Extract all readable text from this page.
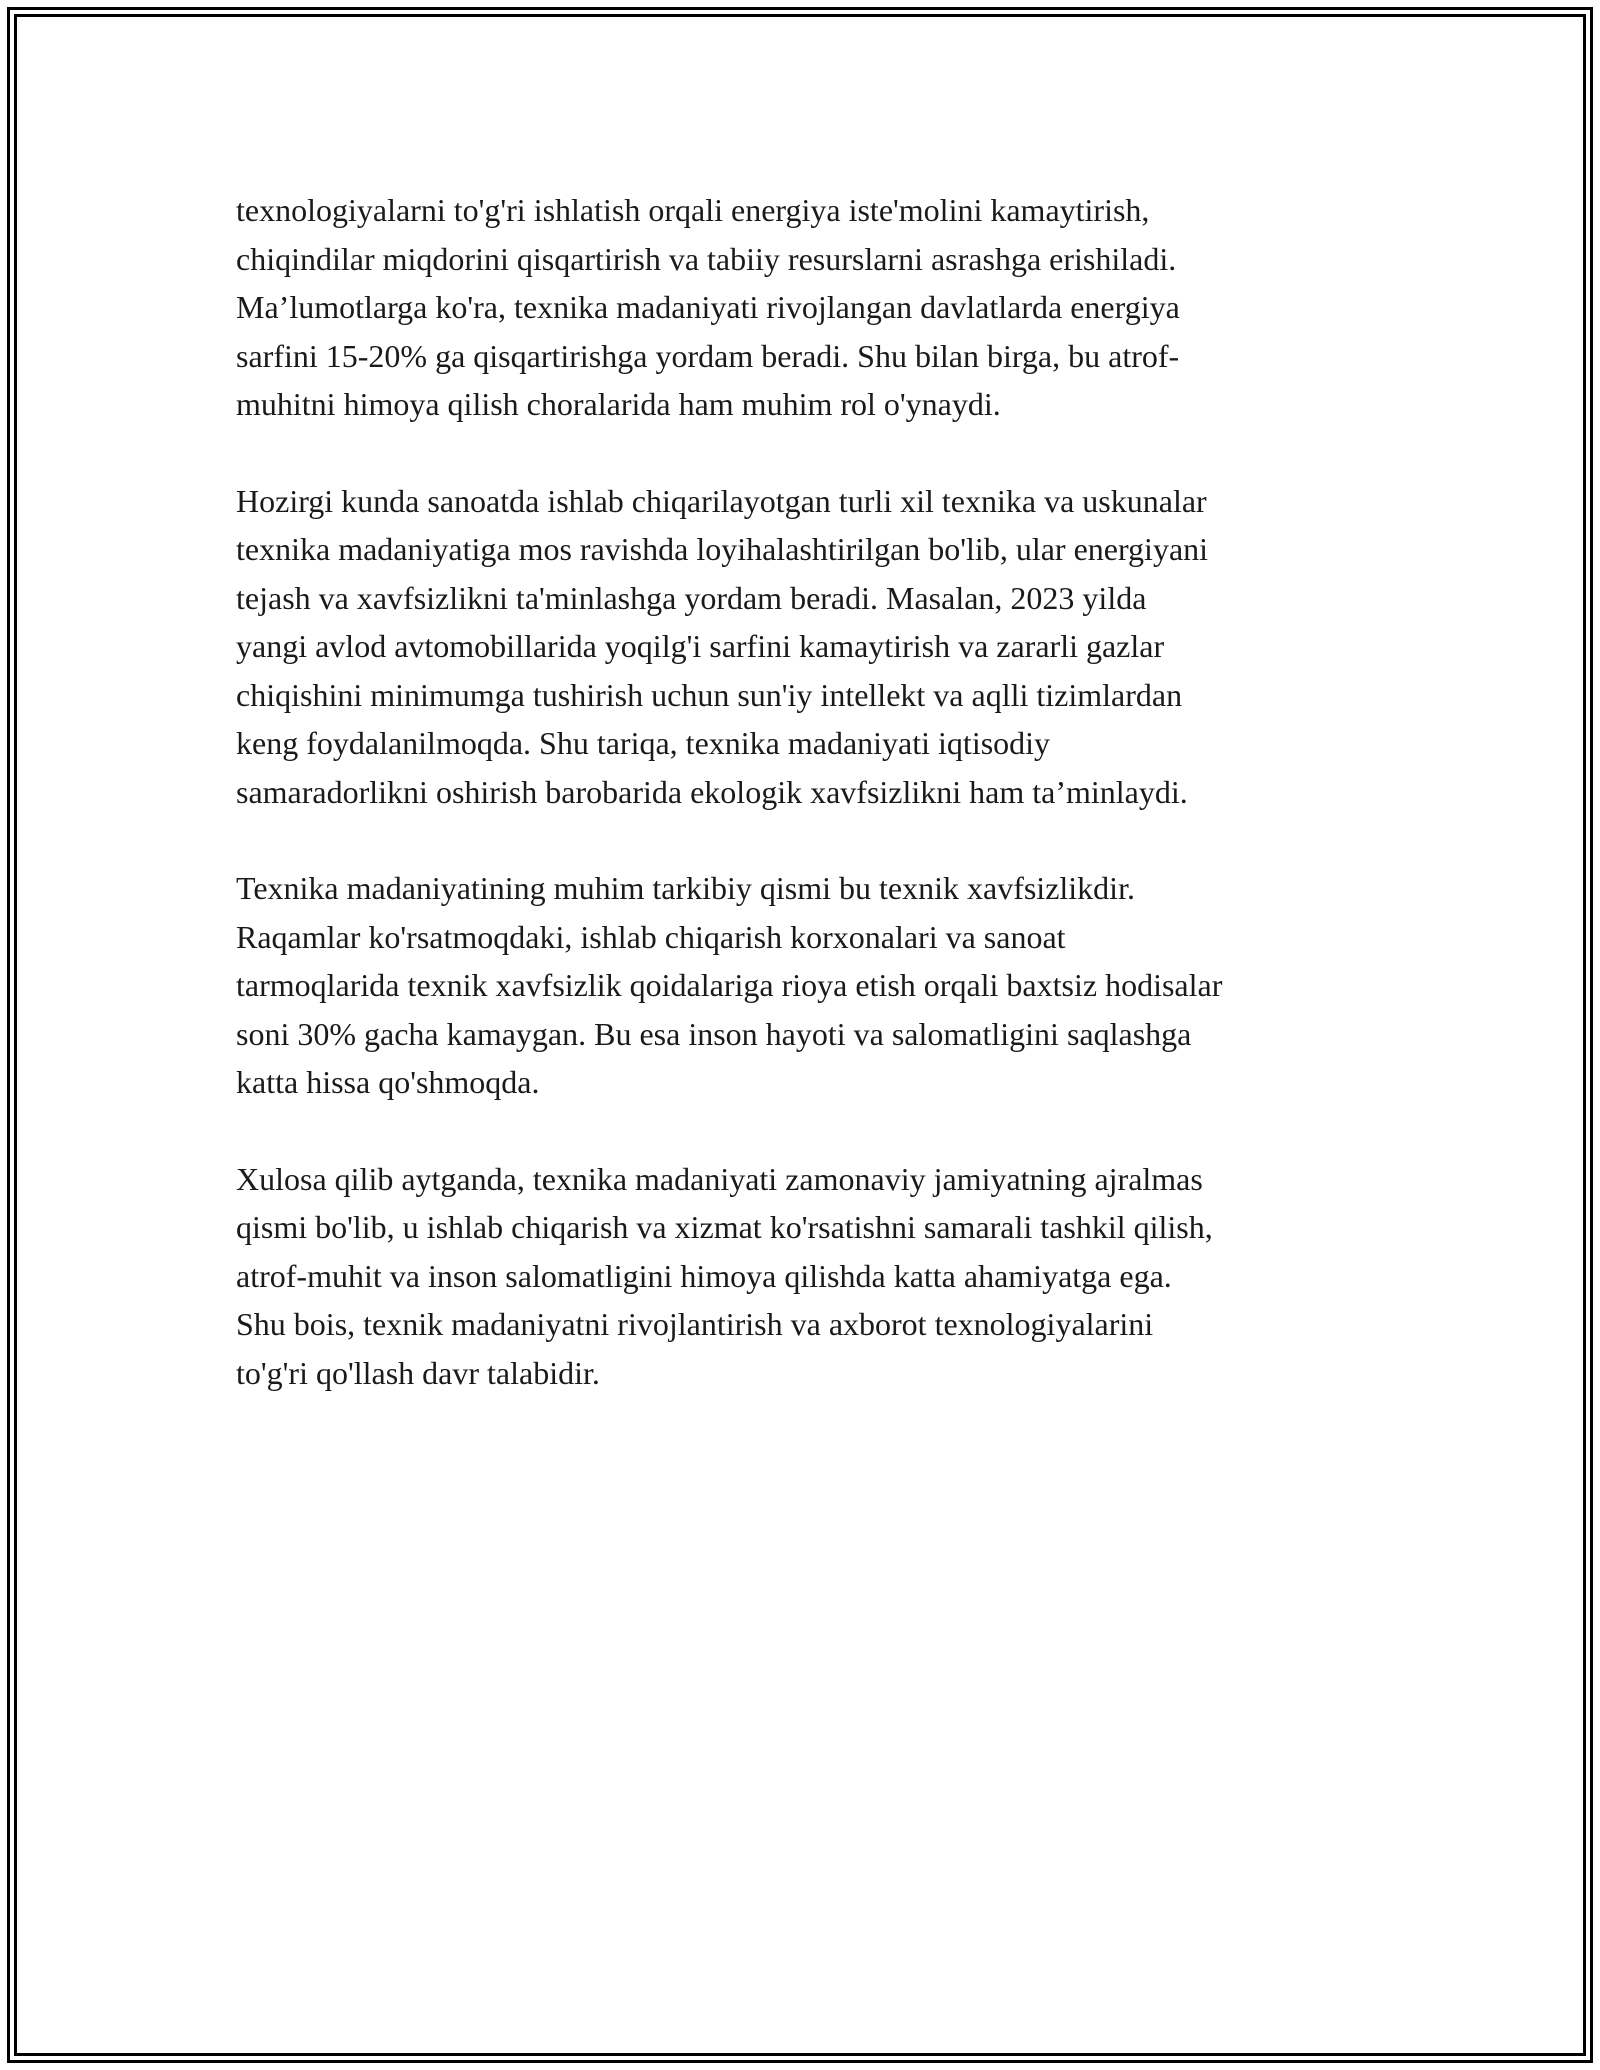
texnologiyalarni to'g'ri ishlatish orqali energiya iste'molini kamaytirish,
chiqindilar miqdorini qisqartirish va tabiiy resurslarni asrashga erishiladi.
Ma’lumotlarga ko'ra, texnika madaniyati rivojlangan davlatlarda energiya
sarfini 15-20% ga qisqartirishga yordam beradi. Shu bilan birga, bu atrof-
muhitni himoya qilish choralarida ham muhim rol o'ynaydi.

Hozirgi kunda sanoatda ishlab chiqarilayotgan turli xil texnika va uskunalar
texnika madaniyatiga mos ravishda loyihalashtirilgan bo'lib, ular energiyani
tejash va xavfsizlikni ta'minlashga yordam beradi. Masalan, 2023 yilda
yangi avlod avtomobillarida yoqilg'i sarfini kamaytirish va zararli gazlar
chiqishini minimumga tushirish uchun sun'iy intellekt va aqlli tizimlardan
keng foydalanilmoqda. Shu tariqa, texnika madaniyati iqtisodiy
samaradorlikni oshirish barobarida ekologik xavfsizlikni ham ta’minlaydi.

Texnika madaniyatining muhim tarkibiy qismi bu texnik xavfsizlikdir.
Raqamlar ko'rsatmoqdaki, ishlab chiqarish korxonalari va sanoat
tarmoqlarida texnik xavfsizlik qoidalariga rioya etish orqali baxtsiz hodisalar
soni 30% gacha kamaygan. Bu esa inson hayoti va salomatligini saqlashga
katta hissa qo'shmoqda.

Xulosa qilib aytganda, texnika madaniyati zamonaviy jamiyatning ajralmas
qismi bo'lib, u ishlab chiqarish va xizmat ko'rsatishni samarali tashkil qilish,
atrof-muhit va inson salomatligini himoya qilishda katta ahamiyatga ega.
Shu bois, texnik madaniyatni rivojlantirish va axborot texnologiyalarini
to'g'ri qo'llash davr talabidir.
